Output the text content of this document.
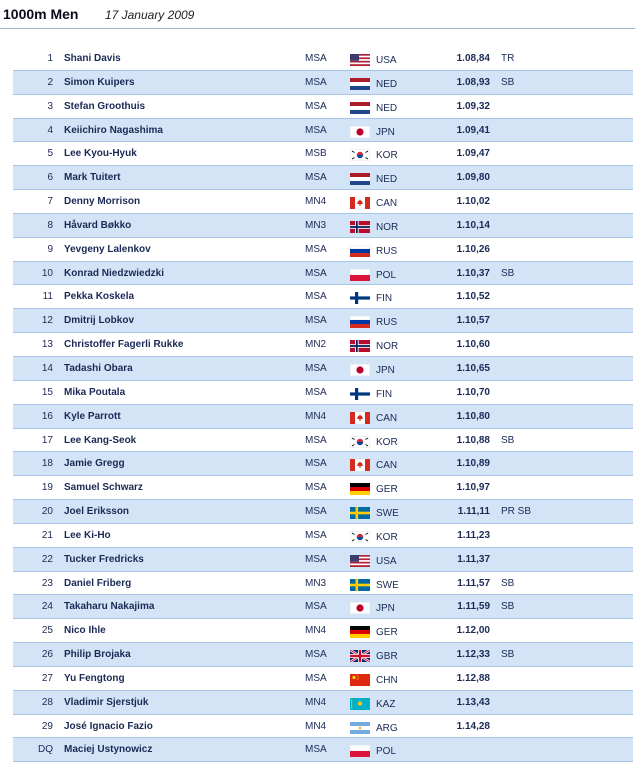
1000m Men 17 January 2009
1 Shani Davis	MSA	USA	1.08,84 TR
2 Simon Kuipers	MSA	NED	1.08,93 SB
3 Stefan Groothuis	MSA	NED	1.09,32
4 Keiichiro Nagashima	MSA	JPN	1.09,41
5 Lee Kyou-Hyuk	MSB	KOR	1.09,47
6 Mark Tuitert	MSA	NED	1.09,80
7 Denny Morrison	MN4	CAN	1.10,02
8 Håvard Bøkko	MN3	NOR	1.10,14
9 Yevgeny Lalenkov	MSA	RUS	1.10,26
10 Konrad Niedzwiedzki	MSA	POL	1.10,37 SB
11 Pekka Koskela	MSA	FIN	1.10,52
12 Dmitrij Lobkov	MSA	RUS	1.10,57
13 Christoffer Fagerli Rukke	MN2	NOR	1.10,60
14 Tadashi Obara	MSA	JPN	1.10,65
15 Mika Poutala	MSA	FIN	1.10,70
16 Kyle Parrott	MN4	CAN	1.10,80
17 Lee Kang-Seok	MSA	KOR	1.10,88 SB
18 Jamie Gregg	MSA	CAN	1.10,89
19 Samuel Schwarz	MSA	GER	1.10,97
20 Joel Eriksson	MSA	SWE	1.11,11 PR SB
21 Lee Ki-Ho	MSA	KOR	1.11,23
22 Tucker Fredricks	MSA	USA	1.11,37
23 Daniel Friberg	MN3	SWE	1.11,57 SB
24 Takaharu Nakajima	MSA	JPN	1.11,59 SB
25 Nico Ihle	MN4	GER	1.12,00
26 Philip Brojaka	MSA	GBR	1.12,33 SB
27 Yu Fengtong	MSA	CHN	1.12,88
28 Vladimir Sjerstjuk	MN4	KAZ	1.13,43
29 José Ignacio Fazio	MN4	ARG	1.14,28
DQ Maciej Ustynowicz	MSA	POL
